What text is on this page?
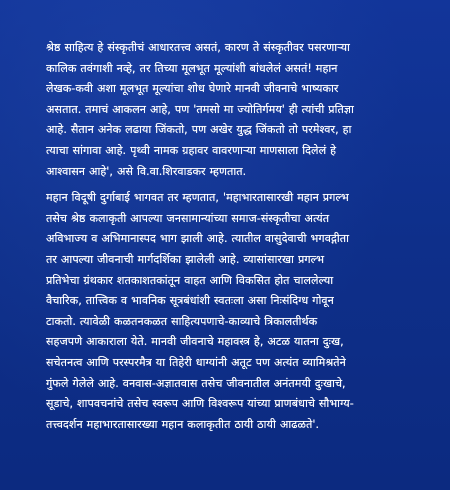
श्रेष्ठ साहित्य हे संस्कृतीचं आधारतत्त्व असतं, कारण ते संस्कृतीवर पसरणाऱ्या
कालिक तवंगाशी नव्हे, तर तिच्या मूलभूत मूल्यांशी बांधलेलं असतं! महान
लेखक-कवी अशा मूलभूत मूल्यांचा शोध घेणारे मानवी जीवनाचे भाष्यकार
असतात. तमाचं आकलन आहे, पण 'तमसो मा ज्योतिर्गमय' ही त्यांची प्रतिज्ञा
आहे. सैतान अनेक लढाया जिंकतो, पण अखेर युद्ध जिंकतो तो परमेश्वर, हा
त्याचा सांगावा आहे. पृथ्वी नामक ग्रहावर वावरणाऱ्या माणसाला दिलेलं हे
आश्वासन आहे', असे वि.वा.शिरवाडकर म्हणतात.

महान विदूषी दुर्गाबाई भागवत तर म्हणतात, 'महाभारतासारखी महान प्रगल्भ
तसेच श्रेष्ठ कलाकृती आपल्या जनसामान्यांच्या समाज-संस्कृतीचा अत्यंत
अविभाज्य व अभिमानास्पद भाग झाली आहे. त्यातील वासुदेवाची भगवद्गीता
तर आपल्या जीवनाची मार्गदर्शिका झालेली आहे. व्यासांसारखा प्रगल्भ
प्रतिभेचा ग्रंथकार शतकाशतकांतून वाहत आणि विकसित होत चाललेल्या
वैचारिक, तात्त्विक व भावनिक सूत्रबंधांशी स्वतःला असा निःसंदिग्ध गोवून
टाकतो. त्यावेळी कळतनकळत साहित्यपणाचे-काव्याचे त्रिकालतीर्थक
सहजपणे आकाराला येते. मानवी जीवनाचे महावस्त्र हे, अटळ यातना दुःख,
सचेतनत्व आणि परस्परमैत्र या तिहेरी धाग्यांनी अतूट पण अत्यंत व्यामिश्रतेने
गुंफले गेलेले आहे. वनवास-अज्ञातवास तसेच जीवनातील अनंतमयी दुःखाचे,
सूडाचे, शापवचनांचे तसेच स्वरूप आणि विश्वरूप यांच्या प्राणबंधाचे सौभाग्य-
तत्त्वदर्शन महाभारतासारख्या महान कलाकृतीत ठायी ठायी आढळते'.
